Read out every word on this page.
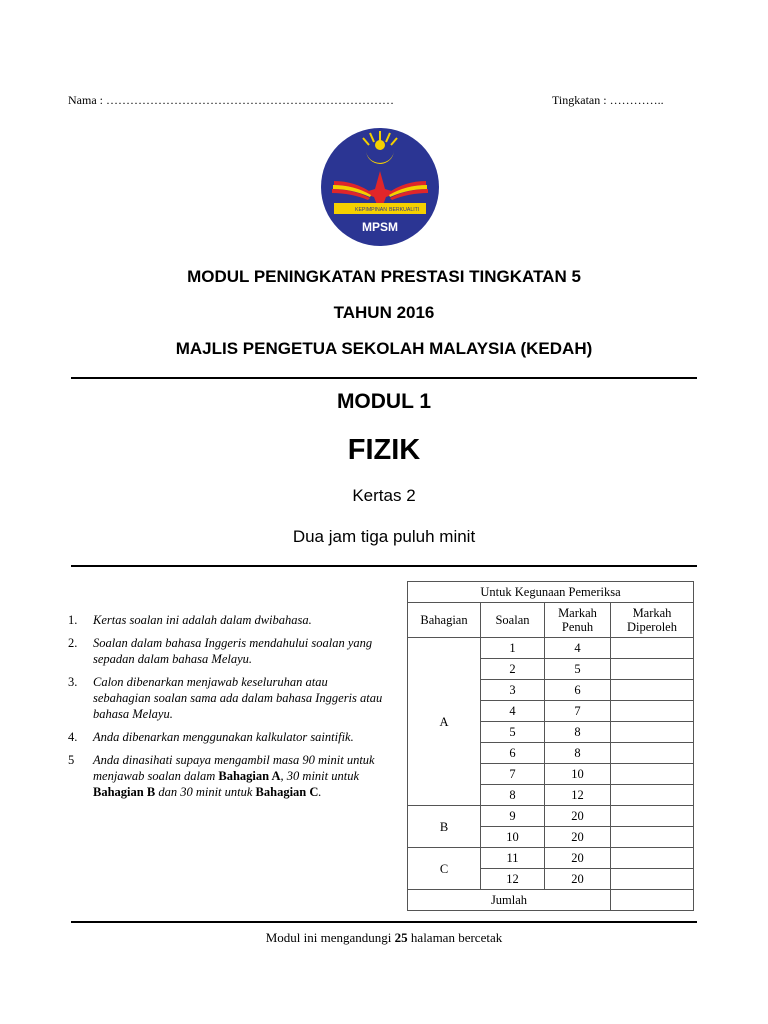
Nama : ………………………………………………………………	Tingkatan : …………..
KEPIMPINAN BERKUALITI
MPSM
MODUL PENINGKATAN PRESTASI TINGKATAN 5
TAHUN 2016
MAJLIS PENGETUA SEKOLAH MALAYSIA (KEDAH)
MODUL 1
FIZIK
Kertas 2
Dua jam tiga puluh minit
1.	Kertas soalan ini adalah dalam dwibahasa.
2.	Soalan dalam bahasa Inggeris mendahului soalan yang sepadan dalam bahasa Melayu.
3.	Calon dibenarkan menjawab keseluruhan atau sebahagian soalan sama ada dalam bahasa Inggeris atau bahasa Melayu.
4.	Anda dibenarkan menggunakan kalkulator saintifik.
5	Anda dinasihati supaya mengambil masa 90 minit untuk menjawab soalan dalam Bahagian A, 30 minit untuk Bahagian B dan 30 minit untuk Bahagian C.
Untuk Kegunaan Pemeriksa			
Bahagian	Soalan	Markah Penuh	Markah Diperoleh
A	1	4	
	2	5	
	3	6	
	4	7	
	5	8	
	6	8	
	7	10	
	8	12	
B	9	20	
	10	20	
C	11	20	
	12	20	
Jumlah			
Modul ini mengandungi 25 halaman bercetak
